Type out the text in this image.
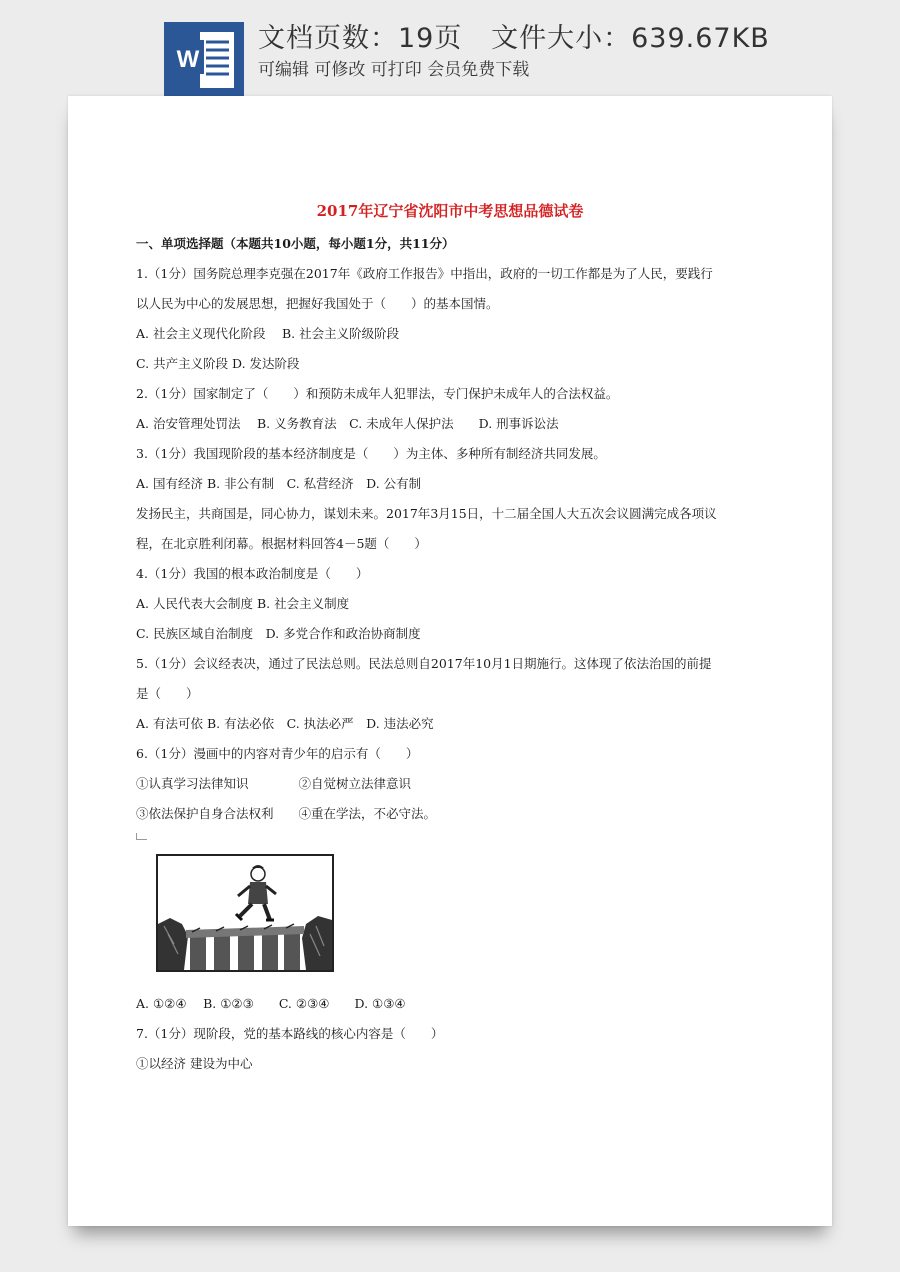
W
文档页数：19页   文件大小：639.67KB
可编辑 可修改 可打印 会员免费下载
2017年辽宁省沈阳市中考思想品德试卷
一、单项选择题（本题共10小题，每小题1分，共11分）
1.（1分）国务院总理李克强在2017年《政府工作报告》中指出，政府的一切工作都是为了人民，要践行
以人民为中心的发展思想，把握好我国处于（　　）的基本国情。
A. 社会主义现代化阶段　 B. 社会主义阶级阶段
C. 共产主义阶段 D. 发达阶段
2.（1分）国家制定了（　　）和预防未成年人犯罪法，专门保护未成年人的合法权益。
A. 治安管理处罚法　 B. 义务教育法　C. 未成年人保护法　　D. 刑事诉讼法
3.（1分）我国现阶段的基本经济制度是（　　）为主体、多种所有制经济共同发展。
A. 国有经济 B. 非公有制　C. 私营经济　D. 公有制
发扬民主，共商国是，同心协力，谋划未来。2017年3月15日，十二届全国人大五次会议圆满完成各项议
程，在北京胜利闭幕。根据材料回答4－5题（　　）
4.（1分）我国的根本政治制度是（　　）
A. 人民代表大会制度 B. 社会主义制度
C. 民族区域自治制度　D. 多党合作和政治协商制度
5.（1分）会议经表决，通过了民法总则。民法总则自2017年10月1日期施行。这体现了依法治国的前提
是（　　）
A. 有法可依 B. 有法必依　C. 执法必严　D. 违法必究
6.（1分）漫画中的内容对青少年的启示有（　　）
①认真学习法律知识　　　　②自觉树立法律意识
③依法保护自身合法权利　　④重在学法，不必守法。
A. ①②④　 B. ①②③　　C. ②③④　　D. ①③④
7.（1分）现阶段，党的基本路线的核心内容是（　　）
①以经济 建设为中心
